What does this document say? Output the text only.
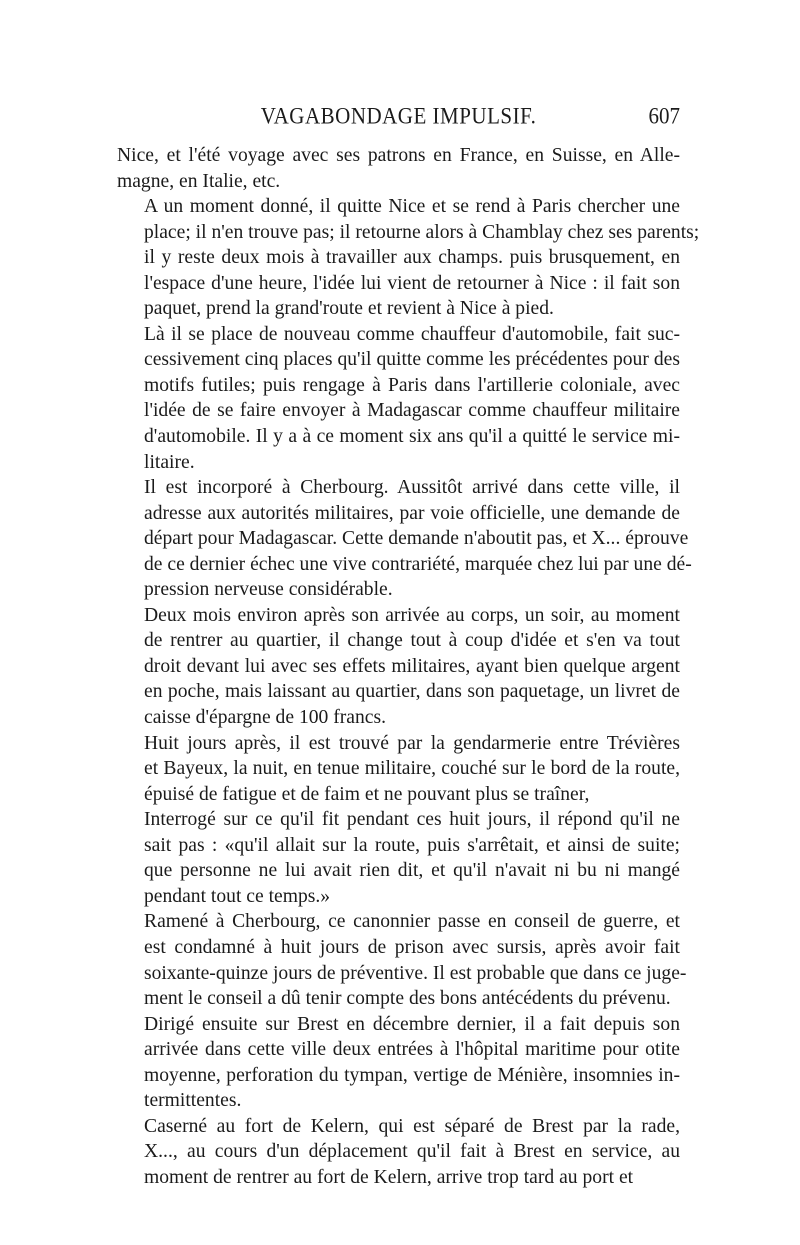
VAGABONDAGE IMPULSIF.	607

Nice, et l'été voyage avec ses patrons en France, en Suisse, en Alle-
magne, en Italie, etc.

A un moment donné, il quitte Nice et se rend à Paris chercher une
place; il n'en trouve pas; il retourne alors à Chamblay chez ses parents;
il y reste deux mois à travailler aux champs. puis brusquement, en
l'espace d'une heure, l'idée lui vient de retourner à Nice : il fait son
paquet, prend la grand'route et revient à Nice à pied.

Là il se place de nouveau comme chauffeur d'automobile, fait suc-
cessivement cinq places qu'il quitte comme les précédentes pour des
motifs futiles; puis rengage à Paris dans l'artillerie coloniale, avec
l'idée de se faire envoyer à Madagascar comme chauffeur militaire
d'automobile. Il y a à ce moment six ans qu'il a quitté le service mi-
litaire.

Il est incorporé à Cherbourg. Aussitôt arrivé dans cette ville, il
adresse aux autorités militaires, par voie officielle, une demande de
départ pour Madagascar. Cette demande n'aboutit pas, et X... éprouve
de ce dernier échec une vive contrariété, marquée chez lui par une dé-
pression nerveuse considérable.

Deux mois environ après son arrivée au corps, un soir, au moment
de rentrer au quartier, il change tout à coup d'idée et s'en va tout
droit devant lui avec ses effets militaires, ayant bien quelque argent
en poche, mais laissant au quartier, dans son paquetage, un livret de
caisse d'épargne de 100 francs.

Huit jours après, il est trouvé par la gendarmerie entre Trévières
et Bayeux, la nuit, en tenue militaire, couché sur le bord de la route,
épuisé de fatigue et de faim et ne pouvant plus se traîner,

Interrogé sur ce qu'il fit pendant ces huit jours, il répond qu'il ne
sait pas : «qu'il allait sur la route, puis s'arrêtait, et ainsi de suite;
que personne ne lui avait rien dit, et qu'il n'avait ni bu ni mangé
pendant tout ce temps.»

Ramené à Cherbourg, ce canonnier passe en conseil de guerre, et
est condamné à huit jours de prison avec sursis, après avoir fait
soixante-quinze jours de préventive. Il est probable que dans ce juge-
ment le conseil a dû tenir compte des bons antécédents du prévenu.

Dirigé ensuite sur Brest en décembre dernier, il a fait depuis son
arrivée dans cette ville deux entrées à l'hôpital maritime pour otite
moyenne, perforation du tympan, vertige de Ménière, insomnies in-
termittentes.

Caserné au fort de Kelern, qui est séparé de Brest par la rade,
X..., au cours d'un déplacement qu'il fait à Brest en service, au
moment de rentrer au fort de Kelern, arrive trop tard au port et
